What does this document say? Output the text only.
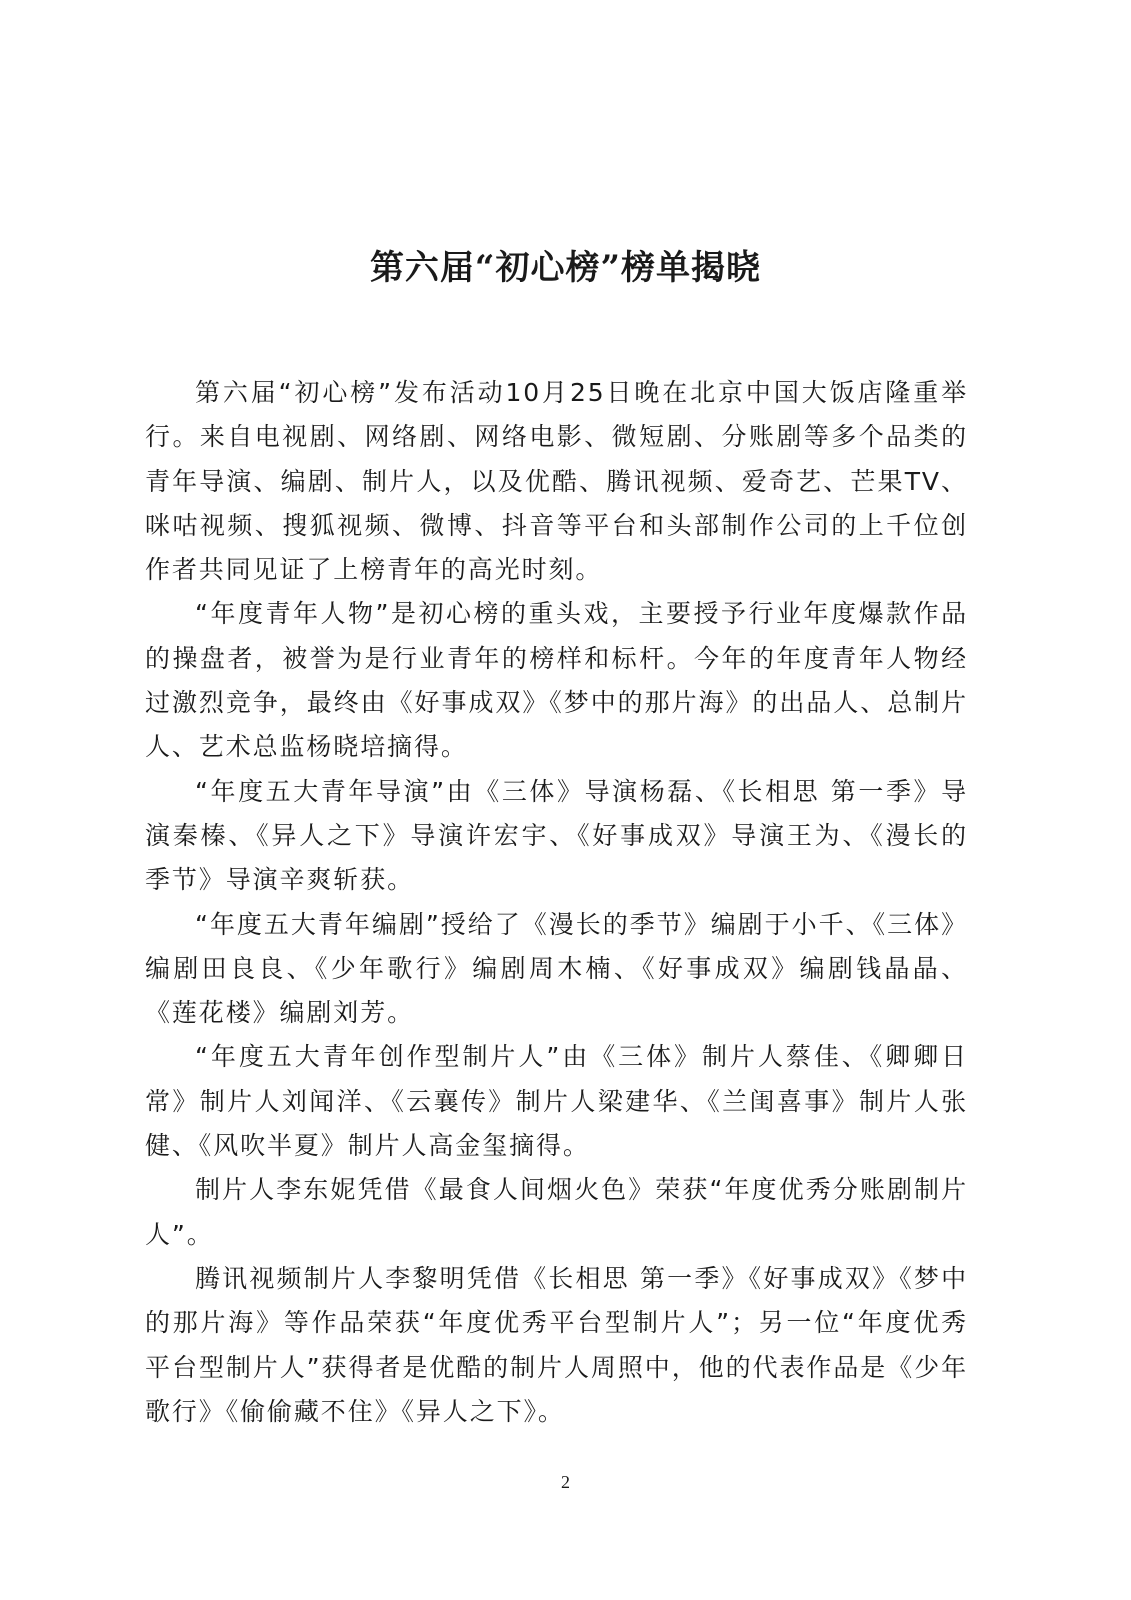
第六届“初心榜”榜单揭晓

第六届“初心榜”发布活动10月25日晚在北京中国大饭店隆重举行。来自电视剧、网络剧、网络电影、微短剧、分账剧等多个品类的青年导演、编剧、制片人，以及优酷、腾讯视频、爱奇艺、芒果TV、咪咕视频、搜狐视频、微博、抖音等平台和头部制作公司的上千位创作者共同见证了上榜青年的高光时刻。

“年度青年人物”是初心榜的重头戏，主要授予行业年度爆款作品的操盘者，被誉为是行业青年的榜样和标杆。今年的年度青年人物经过激烈竞争，最终由《好事成双》《梦中的那片海》的出品人、总制片人、艺术总监杨晓培摘得。

“年度五大青年导演”由《三体》导演杨磊、《长相思 第一季》导演秦榛、《异人之下》导演许宏宇、《好事成双》导演王为、《漫长的季节》导演辛爽斩获。

“年度五大青年编剧”授给了《漫长的季节》编剧于小千、《三体》编剧田良良、《少年歌行》编剧周木楠、《好事成双》编剧钱晶晶、《莲花楼》编剧刘芳。

“年度五大青年创作型制片人”由《三体》制片人蔡佳、《卿卿日常》制片人刘闻洋、《云襄传》制片人梁建华、《兰闺喜事》制片人张健、《风吹半夏》制片人高金玺摘得。

制片人李东妮凭借《最食人间烟火色》荣获“年度优秀分账剧制片人”。

腾讯视频制片人李黎明凭借《长相思 第一季》《好事成双》《梦中的那片海》等作品荣获“年度优秀平台型制片人”；另一位“年度优秀平台型制片人”获得者是优酷的制片人周照中，他的代表作品是《少年歌行》《偷偷藏不住》《异人之下》。

2
